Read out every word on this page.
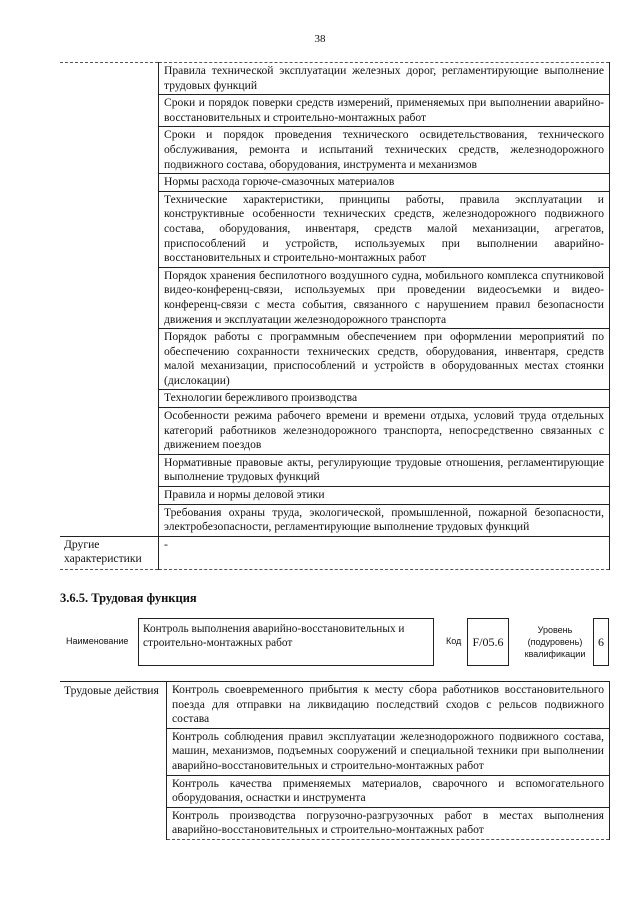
38
	Правила технической эксплуатации железных дорог, регламентирующие выполнение трудовых функций
	Сроки и порядок поверки средств измерений, применяемых при выполнении аварийно-восстановительных и строительно-монтажных работ
	Сроки и порядок проведения технического освидетельствования, технического обслуживания, ремонта и испытаний технических средств, железнодорожного подвижного состава, оборудования, инструмента и механизмов
	Нормы расхода горюче-смазочных материалов
	Технические характеристики, принципы работы, правила эксплуатации и конструктивные особенности технических средств, железнодорожного подвижного состава, оборудования, инвентаря, средств малой механизации, агрегатов, приспособлений и устройств, используемых при выполнении аварийно-восстановительных и строительно-монтажных работ
	Порядок хранения беспилотного воздушного судна, мобильного комплекса спутниковой видео-конференц-связи, используемых при проведении видеосъемки и видео-конференц-связи с места события, связанного с нарушением правил безопасности движения и эксплуатации железнодорожного транспорта
	Порядок работы с программным обеспечением при оформлении мероприятий по обеспечению сохранности технических средств, оборудования, инвентаря, средств малой механизации, приспособлений и устройств в оборудованных местах стоянки (дислокации)
	Технологии бережливого производства
	Особенности режима рабочего времени и времени отдыха, условий труда отдельных категорий работников железнодорожного транспорта, непосредственно связанных с движением поездов
	Нормативные правовые акты, регулирующие трудовые отношения, регламентирующие выполнение трудовых функций
	Правила и нормы деловой этики
	Требования охраны труда, экологической, промышленной, пожарной безопасности, электробезопасности, регламентирующие выполнение трудовых функций
Другие характеристики	-
3.6.5. Трудовая функция
Наименование
Контроль выполнения аварийно-восстановительных и строительно-монтажных работ	Код F/05.6
Уровень (подуровень) квалификации
6
Трудовые действия	Контроль своевременного прибытия к месту сбора работников восстановительного поезда для отправки на ликвидацию последствий сходов с рельсов подвижного состава
Контроль соблюдения правил эксплуатации железнодорожного подвижного состава, машин, механизмов, подъемных сооружений и специальной техники при выполнении аварийно-восстановительных и строительно-монтажных работ
Контроль качества применяемых материалов, сварочного и вспомогательного оборудования, оснастки и инструмента
Контроль производства погрузочно-разгрузочных работ в местах выполнения аварийно-восстановительных и строительно-монтажных работ
